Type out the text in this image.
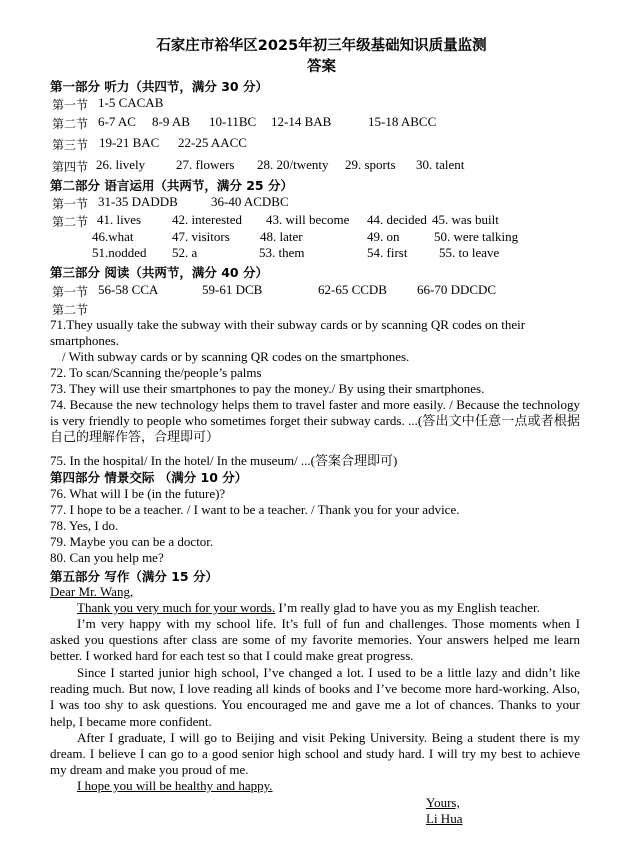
石家庄市裕华区2025年初三年级基础知识质量监测
答案
第一部分 听力（共四节，满分 30 分）
第一节 1-5 CACAB
第二节 6-7 AC 8-9 AB 10-11BC 12-14 BAB	15-18 ABCC
第三节 19-21 BAC 22-25 AACC
第四节 26. lively 27. flowers 28. 20/twenty 29. sports 30. talent
第二部分 语言运用（共两节，满分 25 分）
第一节 31-35 DADDB	36-40 ACDBC
第二节 41. lives 42. interested 43. will become 44. decided 45. was built
46.what	47. visitors 48. later	49. on	50. were talking
51.nodded 52. a	53. them	54. first 55. to leave
第三部分 阅读（共两节，满分 40 分）
第一节 56-58 CCA	59-61 DCB	62-65 CCDB 66-70 DDCDC
第二节
71.They usually take the subway with their subway cards or by scanning QR codes on their
smartphones.
/ With subway cards or by scanning QR codes on the smartphones.
72. To scan/Scanning the/people’s palms
73. They will use their smartphones to pay the money./ By using their smartphones.
74. Because the new technology helps them to travel faster and more easily. / Because the technology is very friendly to people who sometimes forget their subway cards. ...(答出文中任意一点或者根据自己的理解作答，合理即可）
75. In the hospital/ In the hotel/ In the museum/ ...(答案合理即可)
第四部分 情景交际 （满分 10 分）
76. What will I be (in the future)?
77. I hope to be a teacher. / I want to be a teacher. / Thank you for your advice.
78. Yes, I do.
79. Maybe you can be a doctor.
80. Can you help me?
第五部分 写作（满分 15 分）
Dear Mr. Wang,
Thank you very much for your words. I’m really glad to have you as my English teacher.
I’m very happy with my school life. It’s full of fun and challenges. Those moments when I asked you questions after class are some of my favorite memories. Your answers helped me learn better. I worked hard for each test so that I could make great progress.
Since I started junior high school, I’ve changed a lot. I used to be a little lazy and didn’t like reading much. But now, I love reading all kinds of books and I’ve become more hard-working. Also, I was too shy to ask questions. You encouraged me and gave me a lot of chances. Thanks to your help, I became more confident.
After I graduate, I will go to Beijing and visit Peking University. Being a student there is my dream. I believe I can go to a good senior high school and study hard. I will try my best to achieve my dream and make you proud of me.
I hope you will be healthy and happy.
Yours,
Li Hua
